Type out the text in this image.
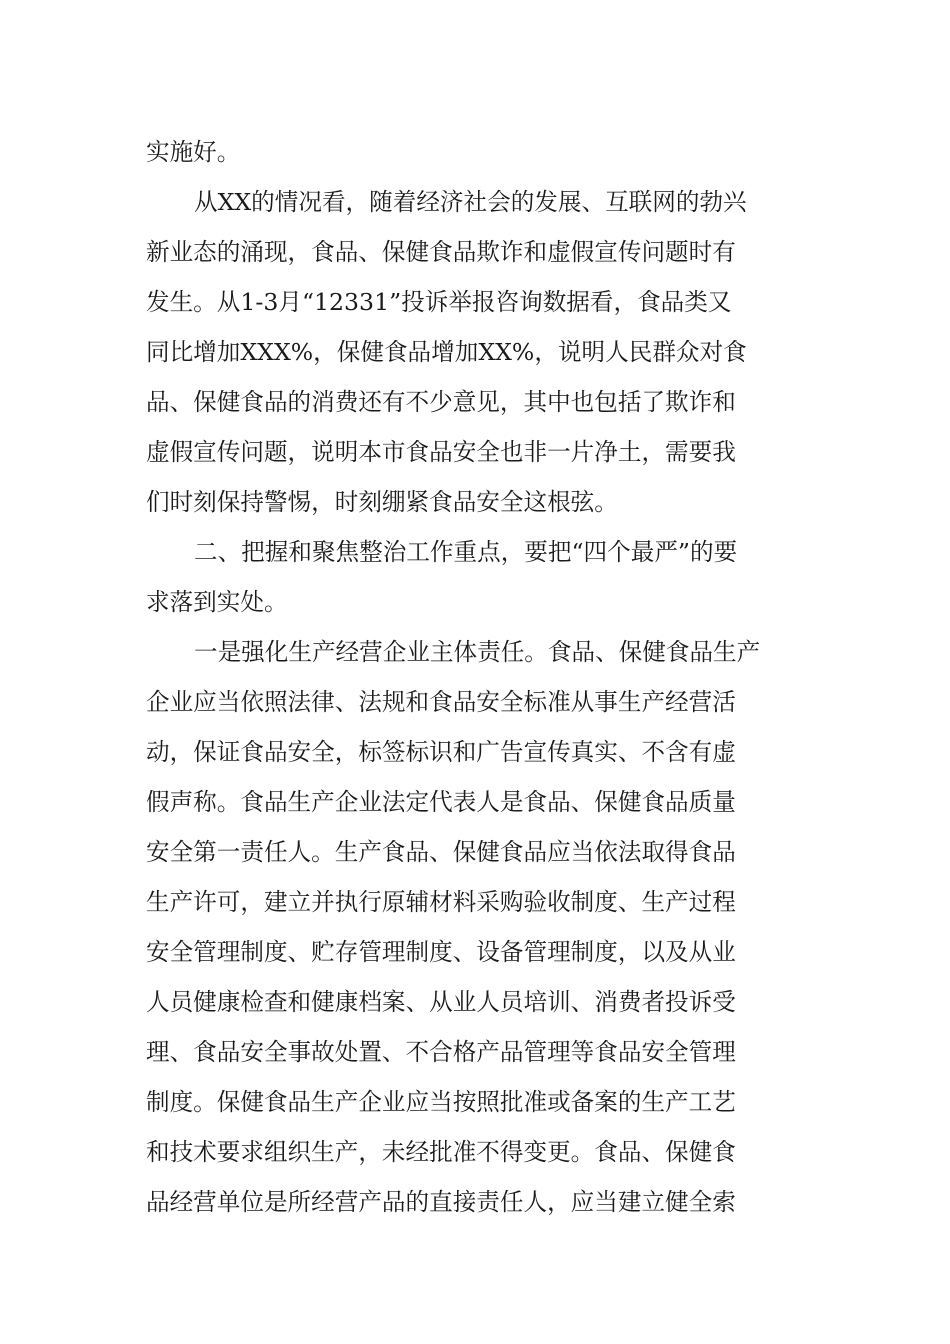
实施好。
从XX的情况看，随着经济社会的发展、互联网的勃兴
新业态的涌现，食品、保健食品欺诈和虚假宣传问题时有
发生。从1-3月“12331”投诉举报咨询数据看，食品类又
同比增加XXX%，保健食品增加XX%，说明人民群众对食
品、保健食品的消费还有不少意见，其中也包括了欺诈和
虚假宣传问题，说明本市食品安全也非一片净土，需要我
们时刻保持警惕，时刻绷紧食品安全这根弦。
二、把握和聚焦整治工作重点，要把“四个最严”的要
求落到实处。
一是强化生产经营企业主体责任。食品、保健食品生产
企业应当依照法律、法规和食品安全标准从事生产经营活
动，保证食品安全，标签标识和广告宣传真实、不含有虚
假声称。食品生产企业法定代表人是食品、保健食品质量
安全第一责任人。生产食品、保健食品应当依法取得食品
生产许可，建立并执行原辅材料采购验收制度、生产过程
安全管理制度、贮存管理制度、设备管理制度，以及从业
人员健康检查和健康档案、从业人员培训、消费者投诉受
理、食品安全事故处置、不合格产品管理等食品安全管理
制度。保健食品生产企业应当按照批准或备案的生产工艺
和技术要求组织生产，未经批准不得变更。食品、保健食
品经营单位是所经营产品的直接责任人，应当建立健全索
